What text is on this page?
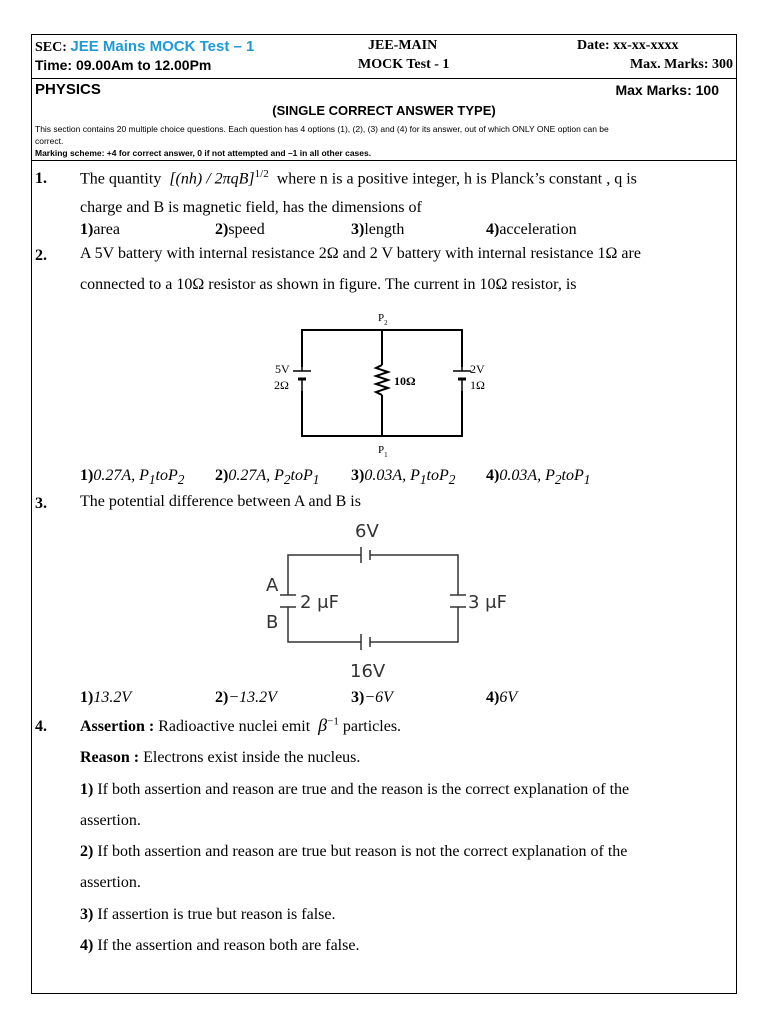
SEC: JEE Mains MOCK Test – 1	JEE-MAIN	Date: xx-xx-xxxx
Time: 09.00Am to 12.00Pm	MOCK Test - 1	Max. Marks: 300
PHYSICS	Max Marks: 100
(SINGLE CORRECT ANSWER TYPE)
This section contains 20 multiple choice questions. Each question has 4 options (1), (2), (3) and (4) for its answer, out of which ONLY ONE option can be
correct.
Marking scheme: +4 for correct answer, 0 if not attempted and –1 in all other cases.
1. The quantity [(nh) / 2πqB]$^{1/2}$ where n is a positive integer, h is Planck’s constant , q is
charge and B is magnetic field, has the dimensions of
1)area	2)speed	3)length	4)acceleration
2. A 5V battery with internal resistance 2Ω and 2 V battery with internal resistance 1Ω are
connected to a 10Ω resistor as shown in figure. The current in 10Ω resistor, is
$P_2$
$P_1$
5V
2Ω	10Ω
2V
1Ω
1)0.27A, $P_1toP_2$ 2)0.27A, $P_2toP_1$ 3)0.03A, $P_1toP_2$ 4)0.03A, $P_2toP_1$
3. The potential difference between A and B is
6V
16V
A
B
2 μF	3 μF
1)13.2V	2)−13.2V	3)−6V	4)6V
4. Assertion : Radioactive nuclei emit $\beta^{-1}$ particles.
Reason : Electrons exist inside the nucleus.
1) If both assertion and reason are true and the reason is the correct explanation of the
assertion.
2) If both assertion and reason are true but reason is not the correct explanation of the
assertion.
3) If assertion is true but reason is false.
4) If the assertion and reason both are false.
